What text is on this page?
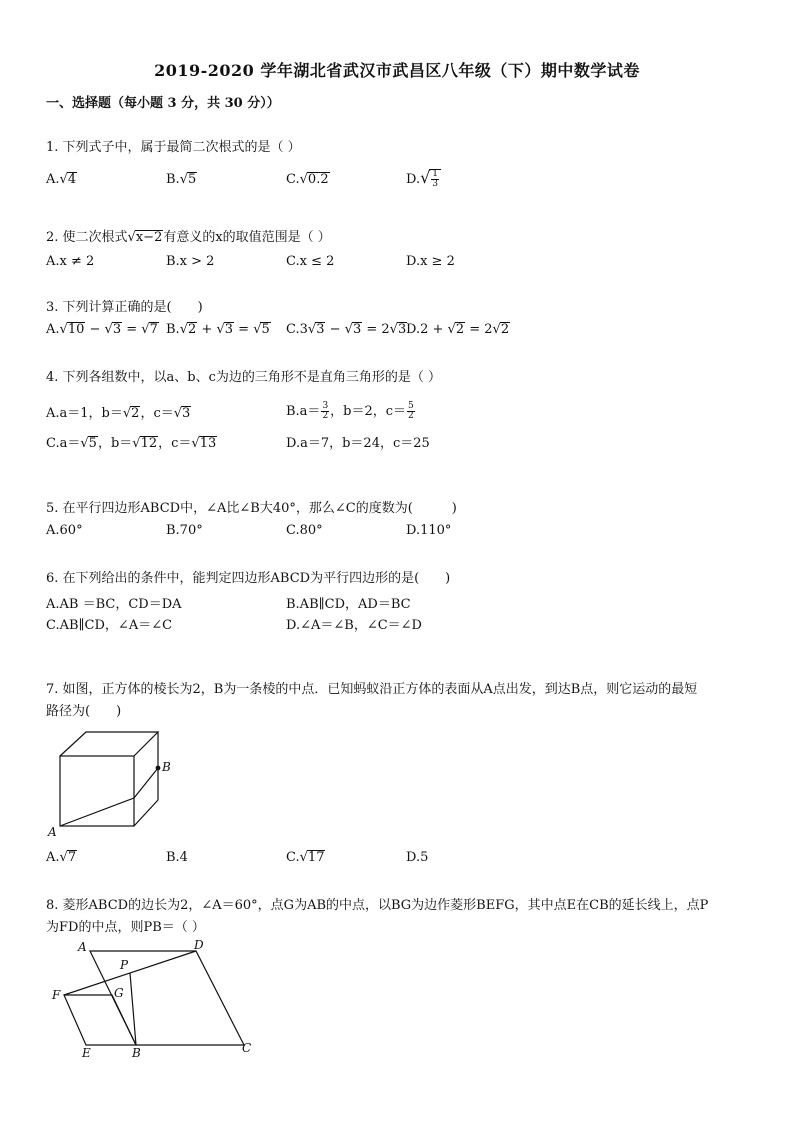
2019-2020 学年湖北省武汉市武昌区八年级（下）期中数学试卷
一、选择题（每小题 3 分，共 30 分））
1. 下列式子中，属于最简二次根式的是（ ）
A.√4	B.√5	C.√0.2	$D.√ \frac{1}{3}$
2. 使二次根式√x−2有意义的x的取值范围是（ ）
A.x ≠ 2	B.x > 2	C.x ≤ 2	D.x ≥ 2
3. 下列计算正确的是(　　)
A.√10 − √3 = √7 B.√2 + √3 = √5 C.3√3 − √3 = 2√3 D.2 + √2 = 2√2
4. 下列各组数中，以a、b、c为边的三角形不是直角三角形的是（ ）
A.a＝1，b＝√2，c＝√3	$B.a= \frac{3}{2}$ ，b＝2，$c= \frac{5}{2}$
C.a＝√5，b＝√12，c＝√13	D.a＝7，b＝24，c＝25
5. 在平行四边形ABCD中，∠A比∠B大40°，那么∠C的度数为(　　　)
A.60°	B.70°	C.80°	D.110°
6. 在下列给出的条件中，能判定四边形ABCD为平行四边形的是(　　)
A.AB ＝BC，CD＝DA	B.AB∥CD，AD＝BC
C.AB∥CD，∠A＝∠C	D.∠A＝∠B，∠C＝∠D
7. 如图，正方体的棱长为2，B为一条棱的中点．已知蚂蚁沿正方体的表面从A点出发，到达B点，则它运动的最短
路径为(　　)
B
A
A.√7	B.4	C.√17	D.5
8. 菱形ABCD的边长为2，∠A＝60°，点G为AB的中点，以BG为边作菱形BEFG，其中点E在CB的延长线上，点P
为FD的中点，则PB＝（ ）
A	D
P
F	G
E	B	C
